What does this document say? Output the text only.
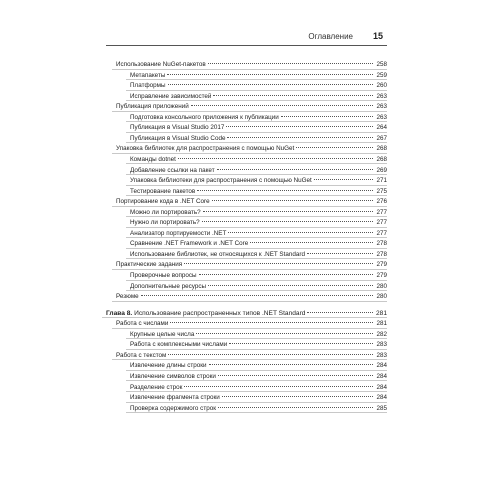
Оглавление 15
Использование NuGet-пакетов	258
Метапакеты	259
Платформы	260
Исправление зависимостей	263
Публикация приложений	263
Подготовка консольного приложения к публикации	263
Публикация в Visual Studio 2017	264
Публикация в Visual Studio Code	267
Упаковка библиотек для распространения с помощью NuGet	268
Команды dotnet	268
Добавление ссылки на пакет	269
Упаковка библиотеки для распространения с помощью NuGet	271
Тестирование пакетов	275
Портирование кода в .NET Core	276
Можно ли портировать?	277
Нужно ли портировать?	277
Анализатор портируемости .NET	277
Сравнение .NET Framework и .NET Core	278
Использование библиотек, не относящихся к .NET Standard	278
Практические задания	279
Проверочные вопросы	279
Дополнительные ресурсы	280
Резюме	280
Глава 8. Использование распространенных типов .NET Standard	281
Работа с числами	281
Крупные целые числа	282
Работа с комплексными числами	283
Работа с текстом	283
Извлечение длины строки	284
Извлечение символов строки	284
Разделение строк	284
Извлечение фрагмента строки	284
Проверка содержимого строк	285
